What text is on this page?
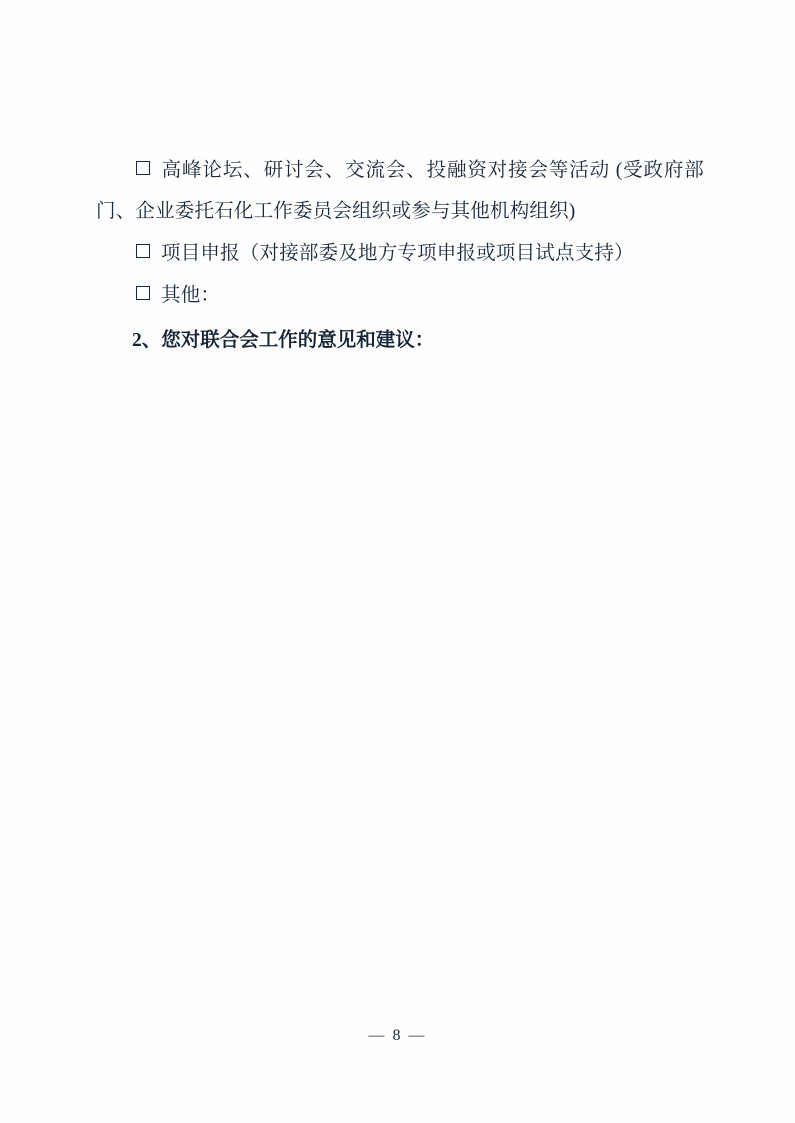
高峰论坛、研讨会、交流会、投融资对接会等活动 (受政府部门、企业委托石化工作委员会组织或参与其他机构组织)
项目申报（对接部委及地方专项申报或项目试点支持）
其他：
2、您对联合会工作的意见和建议：
— 8 —
